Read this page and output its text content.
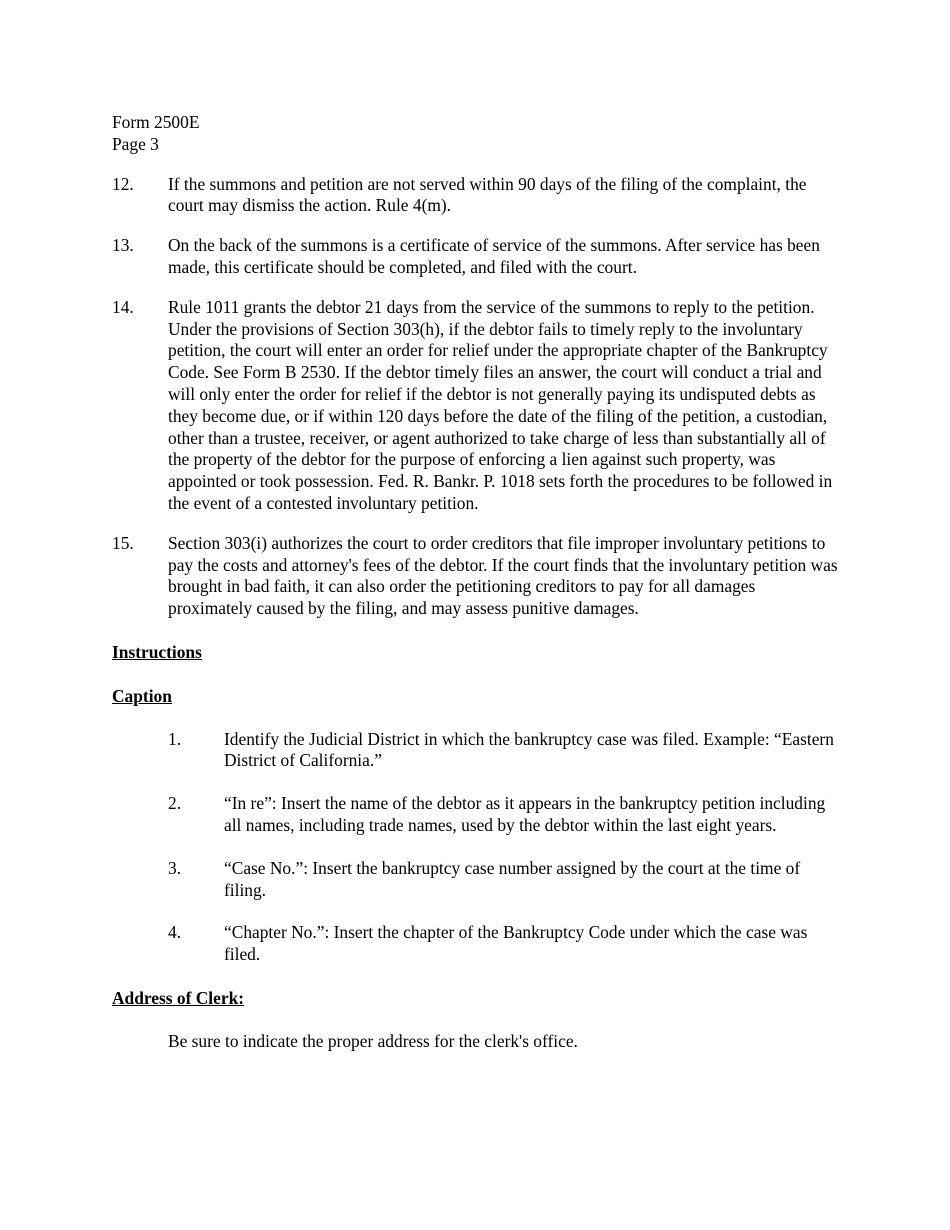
Form 2500E
Page 3
12.	If the summons and petition are not served within 90 days of the filing of the complaint, the court may dismiss the action. Rule 4(m).
13.	On the back of the summons is a certificate of service of the summons. After service has been made, this certificate should be completed, and filed with the court.
14.	Rule 1011 grants the debtor 21 days from the service of the summons to reply to the petition. Under the provisions of Section 303(h), if the debtor fails to timely reply to the involuntary petition, the court will enter an order for relief under the appropriate chapter of the Bankruptcy Code. See Form B 2530. If the debtor timely files an answer, the court will conduct a trial and will only enter the order for relief if the debtor is not generally paying its undisputed debts as they become due, or if within 120 days before the date of the filing of the petition, a custodian, other than a trustee, receiver, or agent authorized to take charge of less than substantially all of the property of the debtor for the purpose of enforcing a lien against such property, was appointed or took possession. Fed. R. Bankr. P. 1018 sets forth the procedures to be followed in the event of a contested involuntary petition.
15.	Section 303(i) authorizes the court to order creditors that file improper involuntary petitions to pay the costs and attorney's fees of the debtor. If the court finds that the involuntary petition was brought in bad faith, it can also order the petitioning creditors to pay for all damages proximately caused by the filing, and may assess punitive damages.
Instructions
Caption
1.	Identify the Judicial District in which the bankruptcy case was filed. Example: “Eastern District of California.”
2.	“In re”: Insert the name of the debtor as it appears in the bankruptcy petition including all names, including trade names, used by the debtor within the last eight years.
3.	“Case No.”: Insert the bankruptcy case number assigned by the court at the time of filing.
4.	“Chapter No.”: Insert the chapter of the Bankruptcy Code under which the case was filed.
Address of Clerk:
Be sure to indicate the proper address for the clerk's office.
